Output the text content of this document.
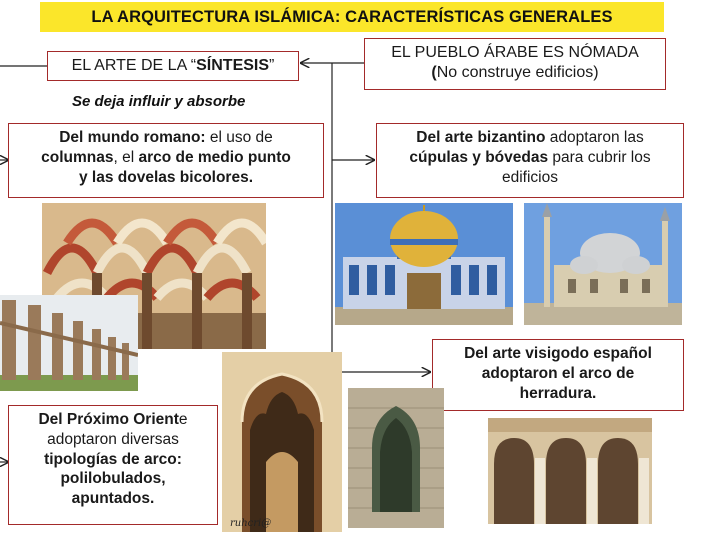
LA ARQUITECTURA ISLÁMICA: CARACTERÍSTICAS GENERALES
EL ARTE DE LA “SÍNTESIS”
EL PUEBLO ÁRABE ES NÓMADA
(No construye edificios)
Se deja influir y absorbe
Del mundo romano: el uso de
columnas, el arco de medio punto
y las dovelas bicolores.
Del arte bizantino adoptaron las
cúpulas y bóvedas para cubrir los
edificios
Del arte visigodo español
adoptaron el arco de
herradura.
Del Próximo Oriente
adoptaron diversas
tipologías de arco:
polilobulados,
apuntados.
ruhcri@
